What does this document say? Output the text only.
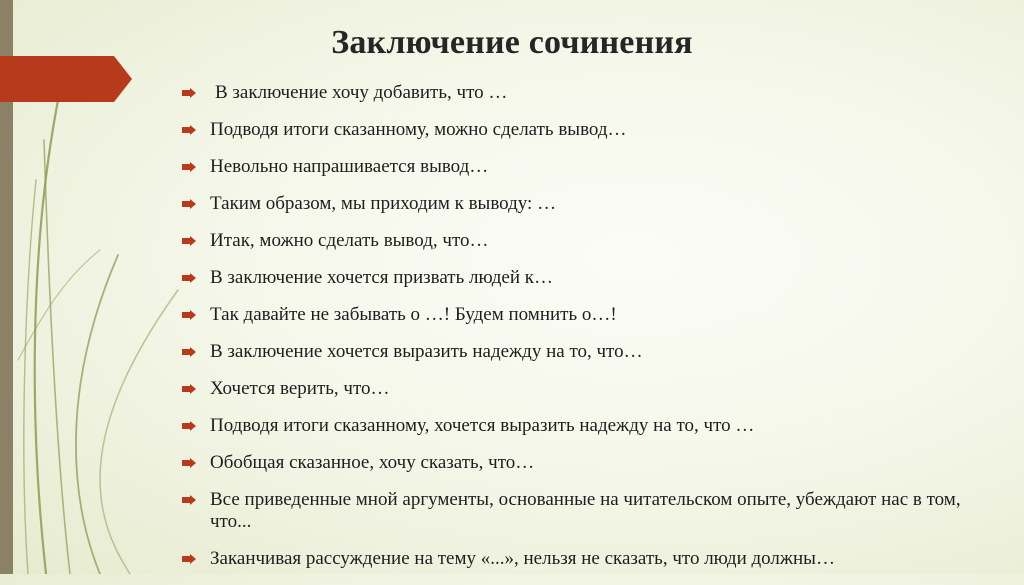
Заключение сочинения
В заключение хочу добавить, что …
Подводя итоги сказанному, можно сделать вывод…
Невольно напрашивается вывод…
Таким образом, мы приходим к выводу: …
Итак, можно сделать вывод, что…
В заключение хочется призвать людей к…
Так давайте не забывать о …! Будем помнить о…!
В заключение хочется выразить надежду на то, что…
Хочется верить, что…
Подводя итоги сказанному, хочется выразить надежду на то, что …
Обобщая сказанное, хочу сказать, что…
Все приведенные мной аргументы, основанные на читательском опыте, убеждают нас в том, что...
Заканчивая рассуждение на тему «...», нельзя не сказать, что люди должны…
